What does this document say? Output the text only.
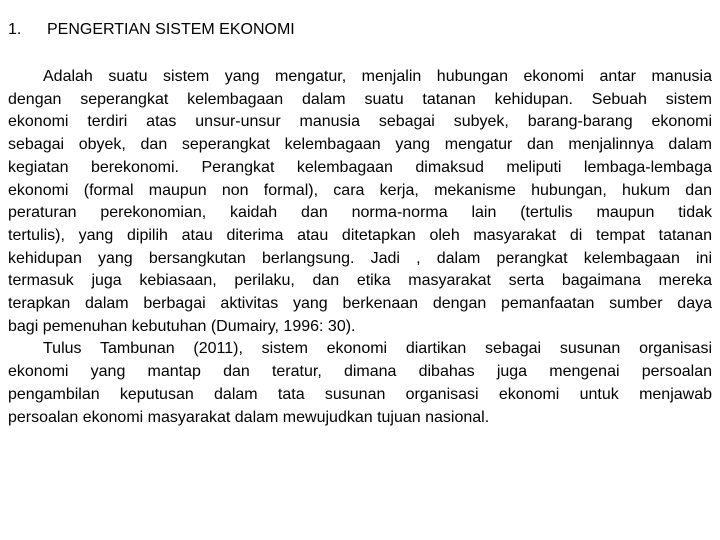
1. PENGERTIAN SISTEM EKONOMI
Adalah suatu sistem yang mengatur, menjalin hubungan ekonomi antar manusia
dengan seperangkat kelembagaan dalam suatu tatanan kehidupan. Sebuah sistem
ekonomi terdiri atas unsur-unsur manusia sebagai subyek, barang-barang ekonomi
sebagai obyek, dan seperangkat kelembagaan yang mengatur dan menjalinnya dalam
kegiatan berekonomi. Perangkat kelembagaan dimaksud meliputi lembaga-lembaga
ekonomi (formal maupun non formal), cara kerja, mekanisme hubungan, hukum dan
peraturan perekonomian, kaidah dan norma-norma lain (tertulis maupun tidak
tertulis), yang dipilih atau diterima atau ditetapkan oleh masyarakat di tempat tatanan
kehidupan yang bersangkutan berlangsung. Jadi , dalam perangkat kelembagaan ini
termasuk juga kebiasaan, perilaku, dan etika masyarakat serta bagaimana mereka
terapkan dalam berbagai aktivitas yang berkenaan dengan pemanfaatan sumber daya
bagi pemenuhan kebutuhan (Dumairy, 1996: 30).
Tulus Tambunan (2011), sistem ekonomi diartikan sebagai susunan organisasi
ekonomi yang mantap dan teratur, dimana dibahas juga mengenai persoalan
pengambilan keputusan dalam tata susunan organisasi ekonomi untuk menjawab
persoalan ekonomi masyarakat dalam mewujudkan tujuan nasional.
